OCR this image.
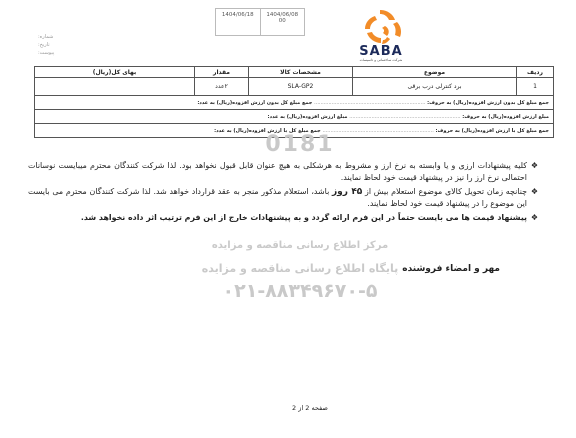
1404/06/18	1404/06/08
00
SABA
شرکت ساختمانی و تاسیسات
شماره:
تاریخ:
پیوست:
ردیف	موضوع	مشخصات کالا	مقدار	بهای کل(ریال)
1	برد کنترلی درب برقی	SLA-GP2	۲عدد	
جمع مبلغ کل بدون ارزش افزوده(ریال) به حروف: ...................................................................... جمع مبلغ کل بدون ارزش افزوده(ریال) به عدد:				
مبلغ ارزش افزوده(ریال) به حروف: ...................................................................... مبلغ ارزش افزوده(ریال) به عدد:				
جمع مبلغ کل با ارزش افزوده(ریال) به حروف: ...................................................................... جمع مبلغ کل با ارزش افزوده(ریال) به عدد:				
0181
مرکز اطلاع رسانی مناقصه و مزایده
پایگاه اطلاع رسانی مناقصه و مزایده
۰۲۱-۸۸۳۴۹۶۷۰-۵
❖
کلیه پیشنهادات ارزی و یا وابسته به نرخ ارز و مشروط به هرشکلی به هیچ عنوان قابل قبول نخواهد بود. لذا شرکت کنندگان محترم میبایست نوسانات احتمالی نرخ ارز را نیز در پیشنهاد قیمت خود لحاظ نمایند.
❖
چنانچه زمان تحویل کالای موضوع استعلام بیش از ۴۵ روز باشد، استعلام مذکور منجر به عقد قرارداد خواهد شد. لذا شرکت کنندگان محترم می بایست این موضوع را در پیشنهاد قیمت خود لحاظ نمایند.
❖
پیشنهاد قیمت ها می بایست حتماً در این فرم ارائه گردد و به پیشنهادات خارج از این فرم ترتیب اثر داده نخواهد شد.
مهر و امضاء فروشنده
صفحه 2 از 2
